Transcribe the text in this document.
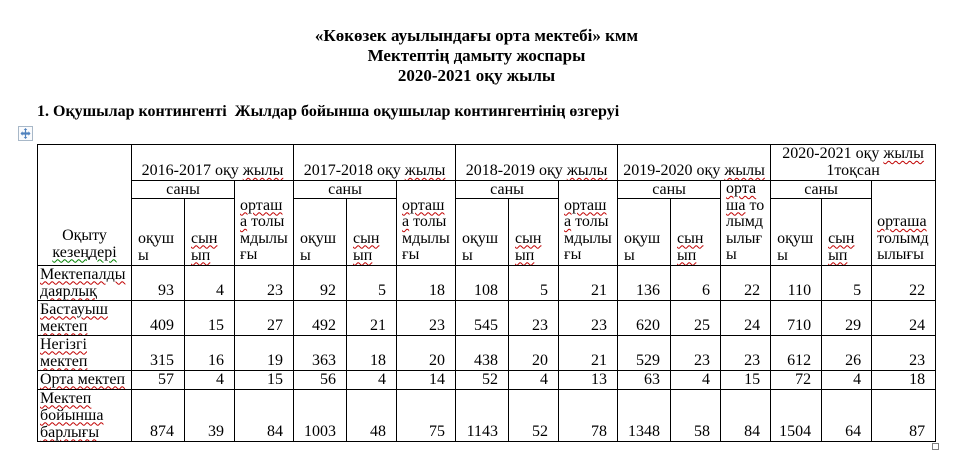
«Көкөзек ауылындағы орта мектебі» кмм
Мектептің дамыту жоспары
2020-2021 оқу жылы
1. Оқушылар контингенті  Жылдар бойынша оқушылар контингентінің өзгеруі
Оқыту кезеңдері	2016-2017 оқу жылы			2017-2018 оқу жылы			2018-2019 оқу жылы			2019-2020 оқу жылы			2020-2021 оқу жылы
1тоқсан		

	саны		орташа толымдылығы	саны		орташа толымдылығы	саны		орташа толымдылығы	саны		орташа толымдылығы	саны		орташа толымдылығы
	оқушы	сынып		оқушы	сынып		оқушы	сынып		оқушы	сынып		оқушы	сынып	
Мектепалды даярлық	93	4	23	92	5	18	108	5	21	136	6	22	110	5	22
Бастауыш мектеп	409	15	27	492	21	23	545	23	23	620	25	24	710	29	24
Негізгі мектеп	315	16	19	363	18	20	438	20	21	529	23	23	612	26	23
Орта мектеп	57	4	15	56	4	14	52	4	13	63	4	15	72	4	18
Мектеп бойынша барлығы	874	39	84	1003	48	75	1143	52	78	1348	58	84	1504	64	87
